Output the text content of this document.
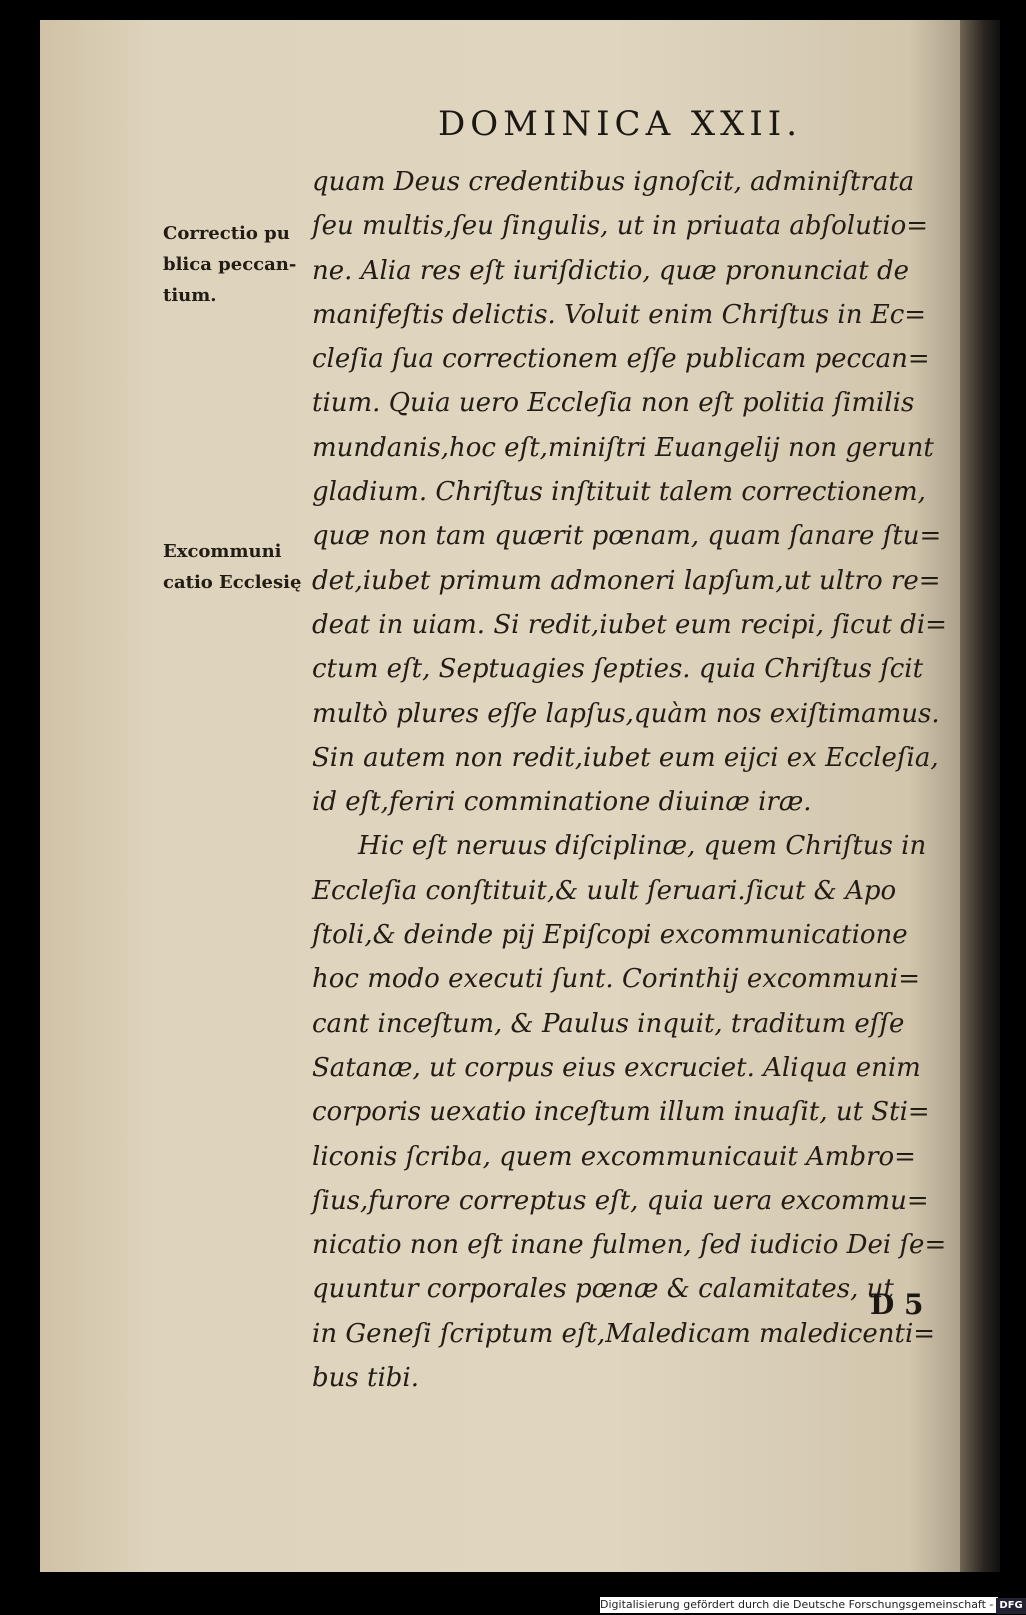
DOMINICA XXII.
Correctio pu
blica peccan-
tium.
Excommuni
catio Ecclesię
quam Deus credentibus ignoſcit, adminiſtrata
ſeu multis,ſeu ſingulis, ut in priuata abſolutio=
ne. Alia res eſt iuriſdictio, quæ pronunciat de
manifeſtis delictis. Voluit enim Chriſtus in Ec=
cleſia ſua correctionem eſſe publicam peccan=
tium. Quia uero Eccleſia non eſt politia ſimilis
mundanis,hoc eſt,miniſtri Euangelij non gerunt
gladium. Chriſtus inſtituit talem correctionem,
quæ non tam quærit pœnam, quam ſanare ſtu=
det,iubet primum admoneri lapſum,ut ultro re=
deat in uiam. Si redit,iubet eum recipi, ſicut di=
ctum eſt, Septuagies ſepties. quia Chriſtus ſcit
multò plures eſſe lapſus,quàm nos exiſtimamus.
Sin autem non redit,iubet eum eijci ex Eccleſia,
id eſt,feriri comminatione diuinæ iræ.
Hic eſt neruus diſciplinæ, quem Chriſtus in
Eccleſia conſtituit,& uult ſeruari.ſicut & Apo
ſtoli,& deinde pij Epiſcopi excommunicatione
hoc modo executi ſunt. Corinthij excommuni=
cant inceſtum, & Paulus inquit, traditum eſſe
Satanæ, ut corpus eius excruciet. Aliqua enim
corporis uexatio inceſtum illum inuaſit, ut Sti=
liconis ſcriba, quem excommunicauit Ambro=
ſius,furore correptus eſt, quia uera excommu=
nicatio non eſt inane fulmen, ſed iudicio Dei ſe=
quuntur corporales pœnæ & calamitates, ut
in Geneſi ſcriptum eſt,Maledicam maledicenti=
bus tibi.
D 5
Digitalisierung gefördert durch die Deutsche Forschungsgemeinschaft - DFG
